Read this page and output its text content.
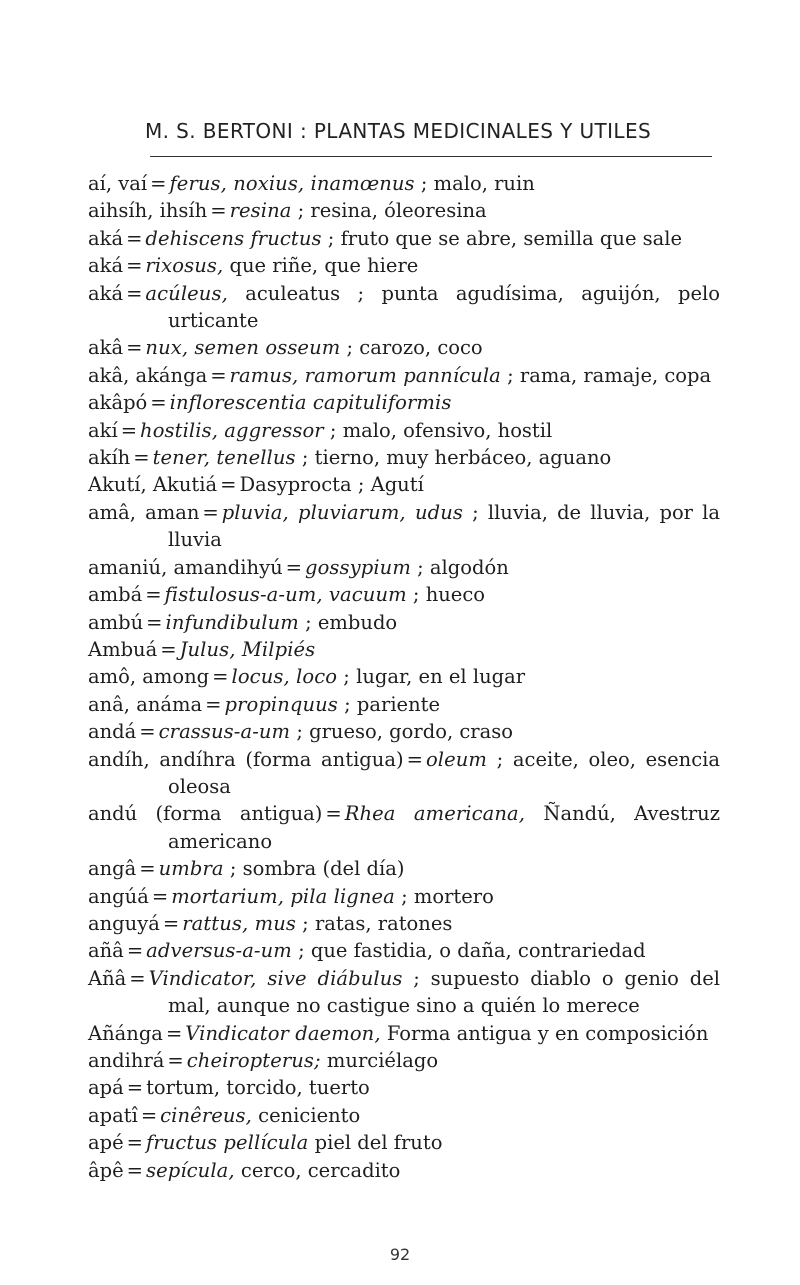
M. S. BERTONI : PLANTAS MEDICINALES Y UTILES
aí, vaí = ferus, noxius, inamœnus ; malo, ruin
aihsíh, ihsíh = resina ; resina, óleoresina
aká = dehiscens fructus ; fruto que se abre, semilla que sale
aká = rixosus, que riñe, que hiere
aká = acúleus, aculeatus ; punta agudísima, aguijón, pelo urticante
akâ = nux, semen osseum ; carozo, coco
akâ, akánga = ramus, ramorum pannícula ; rama, ramaje, copa
akâpó = inflorescentia capituliformis
akí = hostilis, aggressor ; malo, ofensivo, hostil
akíh = tener, tenellus ; tierno, muy herbáceo, aguano
Akutí, Akutiá = Dasyprocta ; Agutí
amâ, aman = pluvia, pluviarum, udus ; lluvia, de lluvia, por la lluvia
amaniú, amandihyú = gossypium ; algodón
ambá = fistulosus-a-um, vacuum ; hueco
ambú = infundibulum ; embudo
Ambuá = Julus, Milpiés
amô, among = locus, loco ; lugar, en el lugar
anâ, anáma = propinquus ; pariente
andá = crassus-a-um ; grueso, gordo, craso
andíh, andíhra (forma antigua) = oleum ; aceite, oleo, esencia oleosa
andú (forma antigua) = Rhea americana, Ñandú, Avestruz americano
angâ = umbra ; sombra (del día)
angúá = mortarium, pila lignea ; mortero
anguyá = rattus, mus ; ratas, ratones
añâ = adversus-a-um ; que fastidia, o daña, contrariedad
Añâ = Vindicator, sive diábulus ; supuesto diablo o genio del mal, aunque no castigue sino a quién lo merece
Añánga = Vindicator daemon, Forma antigua y en composición
andihrá = cheiropterus; murciélago
apá = tortum, torcido, tuerto
apatî = cinêreus, ceniciento
apé = fructus pellícula piel del fruto
âpê = sepícula, cerco, cercadito
92
